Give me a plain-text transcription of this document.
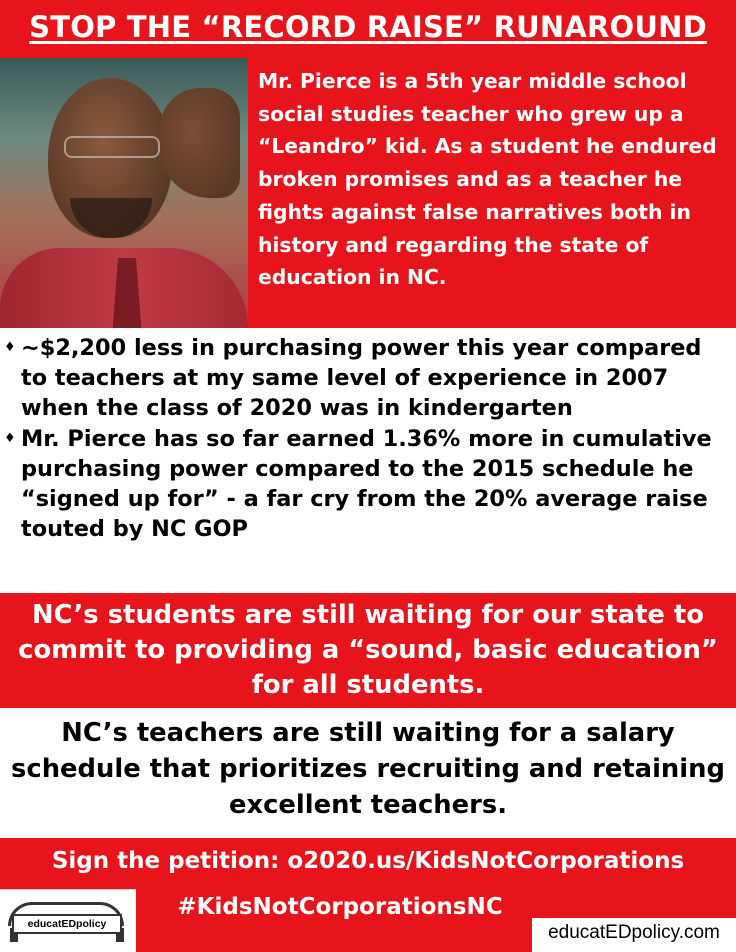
STOP THE “RECORD RAISE” RUNAROUND

Mr. Pierce is a 5th year middle school social studies teacher who grew up a “Leandro” kid. As a student he endured broken promises and as a teacher he fights against false narratives both in history and regarding the state of education in NC.

♦ ~$2,200 less in purchasing power this year compared to teachers at my same level of experience in 2007 when the class of 2020 was in kindergarten
♦ Mr. Pierce has so far earned 1.36% more in cumulative purchasing power compared to the 2015 schedule he “signed up for” - a far cry from the 20% average raise touted by NC GOP

NC’s students are still waiting for our state to commit to providing a “sound, basic education” for all students.

NC’s teachers are still waiting for a salary schedule that prioritizes recruiting and retaining excellent teachers.
Sign the petition: o2020.us/KidsNotCorporations
#KidsNotCorporationsNC
educatEDpolicy	educatEDpolicy.com
